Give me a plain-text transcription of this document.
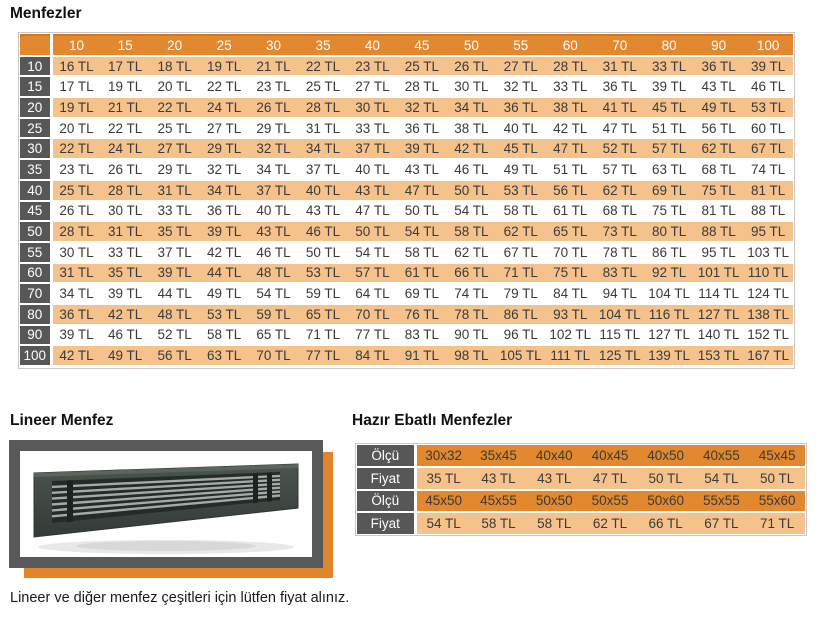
Menfezler
	10	15	20	25	30	35	40	45	50	55	60	70	80	90	100
10	16 TL	17 TL	18 TL	19 TL	21 TL	22 TL	23 TL	25 TL	26 TL	27 TL	28 TL	31 TL	33 TL	36 TL	39 TL
15	17 TL	19 TL	20 TL	22 TL	23 TL	25 TL	27 TL	28 TL	30 TL	32 TL	33 TL	36 TL	39 TL	43 TL	46 TL
20	19 TL	21 TL	22 TL	24 TL	26 TL	28 TL	30 TL	32 TL	34 TL	36 TL	38 TL	41 TL	45 TL	49 TL	53 TL
25	20 TL	22 TL	25 TL	27 TL	29 TL	31 TL	33 TL	36 TL	38 TL	40 TL	42 TL	47 TL	51 TL	56 TL	60 TL
30	22 TL	24 TL	27 TL	29 TL	32 TL	34 TL	37 TL	39 TL	42 TL	45 TL	47 TL	52 TL	57 TL	62 TL	67 TL
35	23 TL	26 TL	29 TL	32 TL	34 TL	37 TL	40 TL	43 TL	46 TL	49 TL	51 TL	57 TL	63 TL	68 TL	74 TL
40	25 TL	28 TL	31 TL	34 TL	37 TL	40 TL	43 TL	47 TL	50 TL	53 TL	56 TL	62 TL	69 TL	75 TL	81 TL
45	26 TL	30 TL	33 TL	36 TL	40 TL	43 TL	47 TL	50 TL	54 TL	58 TL	61 TL	68 TL	75 TL	81 TL	88 TL
50	28 TL	31 TL	35 TL	39 TL	43 TL	46 TL	50 TL	54 TL	58 TL	62 TL	65 TL	73 TL	80 TL	88 TL	95 TL
55	30 TL	33 TL	37 TL	42 TL	46 TL	50 TL	54 TL	58 TL	62 TL	67 TL	70 TL	78 TL	86 TL	95 TL	103 TL
60	31 TL	35 TL	39 TL	44 TL	48 TL	53 TL	57 TL	61 TL	66 TL	71 TL	75 TL	83 TL	92 TL	101 TL	110 TL
70	34 TL	39 TL	44 TL	49 TL	54 TL	59 TL	64 TL	69 TL	74 TL	79 TL	84 TL	94 TL	104 TL	114 TL	124 TL
80	36 TL	42 TL	48 TL	53 TL	59 TL	65 TL	70 TL	76 TL	78 TL	86 TL	93 TL	104 TL	116 TL	127 TL	138 TL
90	39 TL	46 TL	52 TL	58 TL	65 TL	71 TL	77 TL	83 TL	90 TL	96 TL	102 TL	115 TL	127 TL	140 TL	152 TL
100	42 TL	49 TL	56 TL	63 TL	70 TL	77 TL	84 TL	91 TL	98 TL	105 TL	111 TL	125 TL	139 TL	153 TL	167 TL
Lineer Menfez	Hazır Ebatlı Menfezler
Ölçü	30x32	35x45	40x40	40x45	40x50	40x55	45x45
Fiyat	35 TL	43 TL	43 TL	47 TL	50 TL	54 TL	50 TL
Ölçü	45x50	45x55	50x50	50x55	50x60	55x55	55x60
Fiyat	54 TL	58 TL	58 TL	62 TL	66 TL	67 TL	71 TL
Lineer ve diğer menfez çeşitleri için lütfen fiyat alınız.
